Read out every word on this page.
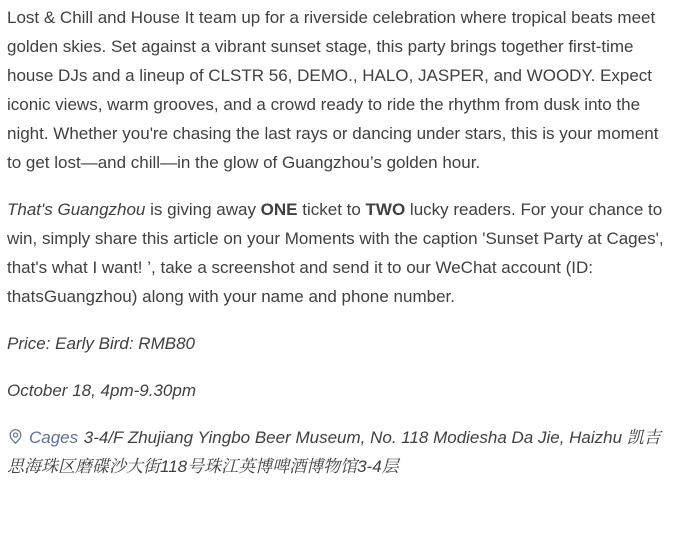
Lost & Chill and House It team up for a riverside celebration where tropical beats meet golden skies. Set against a vibrant sunset stage, this party brings together first-time house DJs and a lineup of CLSTR 56, DEMO., HALO, JASPER, and WOODY. Expect iconic views, warm grooves, and a crowd ready to ride the rhythm from dusk into the night. Whether you're chasing the last rays or dancing under stars, this is your moment to get lost—and chill—in the glow of Guangzhou’s golden hour.

That's Guangzhou is giving away ONE ticket to TWO lucky readers. For your chance to win, simply share this article on your Moments with the caption 'Sunset Party at Cages', that's what I want! ’, take a screenshot and send it to our WeChat account (ID: thatsGuangzhou) along with your name and phone number.

Price: Early Bird: RMB80

October 18, 4pm-9.30pm

Cages 3-4/F Zhujiang Yingbo Beer Museum, No. 118 Modiesha Da Jie, Haizhu 凯吉思海珠区磨碟沙大街118号珠江英博啤酒博物馆3-4层
